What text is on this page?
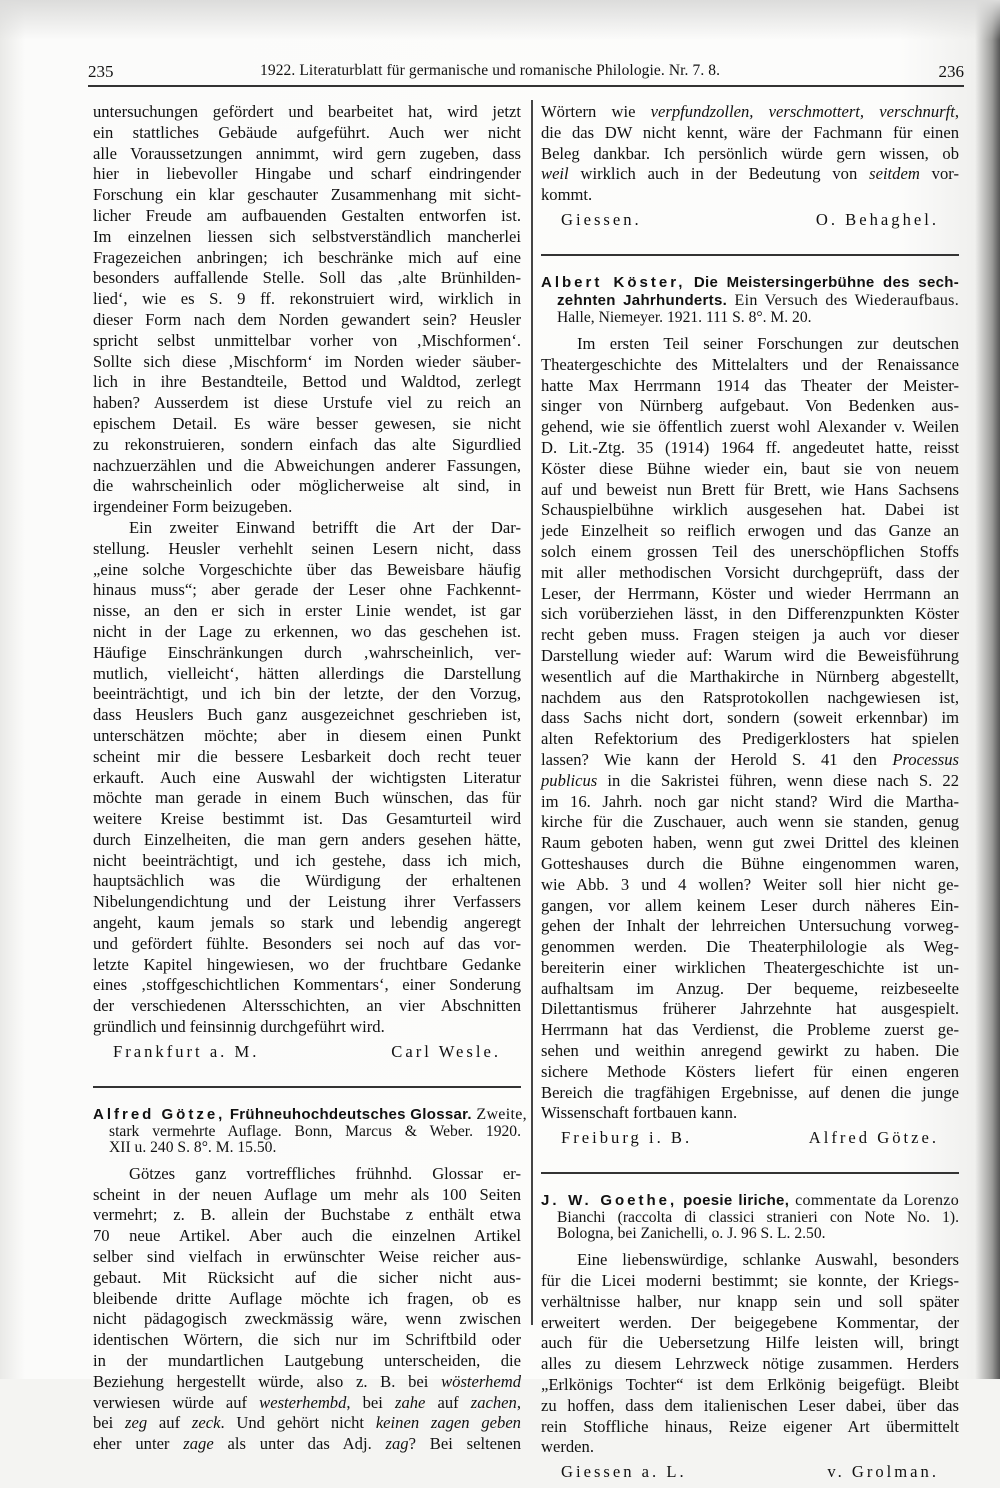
235	1922. Literaturblatt für germanische und romanische Philologie. Nr. 7. 8.	236
untersuchungen gefördert und bearbeitet hat, wird jetzt
ein stattliches Gebäude aufgeführt. Auch wer nicht
alle Voraussetzungen annimmt, wird gern zugeben, dass
hier in liebevoller Hingabe und scharf eindringender
Forschung ein klar geschauter Zusammenhang mit sicht-
licher Freude am aufbauenden Gestalten entworfen ist.
Im einzelnen liessen sich selbstverständlich mancherlei
Fragezeichen anbringen; ich beschränke mich auf eine
besonders auffallende Stelle. Soll das ‚alte Brünhilden-
lied‘, wie es S. 9 ff. rekonstruiert wird, wirklich in
dieser Form nach dem Norden gewandert sein? Heusler
spricht selbst unmittelbar vorher von ‚Mischformen‘.
Sollte sich diese ‚Mischform‘ im Norden wieder säuber-
lich in ihre Bestandteile, Bettod und Waldtod, zerlegt
haben? Ausserdem ist diese Urstufe viel zu reich an
epischem Detail. Es wäre besser gewesen, sie nicht
zu rekonstruieren, sondern einfach das alte Sigurdlied
nachzuerzählen und die Abweichungen anderer Fassungen,
die wahrscheinlich oder möglicherweise alt sind, in
irgendeiner Form beizugeben.
Ein zweiter Einwand betrifft die Art der Dar-
stellung. Heusler verhehlt seinen Lesern nicht, dass
„eine solche Vorgeschichte über das Beweisbare häufig
hinaus muss“; aber gerade der Leser ohne Fachkennt-
nisse, an den er sich in erster Linie wendet, ist gar
nicht in der Lage zu erkennen, wo das geschehen ist.
Häufige Einschränkungen durch ‚wahrscheinlich, ver-
mutlich, vielleicht‘, hätten allerdings die Darstellung
beeinträchtigt, und ich bin der letzte, der den Vorzug,
dass Heuslers Buch ganz ausgezeichnet geschrieben ist,
unterschätzen möchte; aber in diesem einen Punkt
scheint mir die bessere Lesbarkeit doch recht teuer
erkauft. Auch eine Auswahl der wichtigsten Literatur
möchte man gerade in einem Buch wünschen, das für
weitere Kreise bestimmt ist. Das Gesamturteil wird
durch Einzelheiten, die man gern anders gesehen hätte,
nicht beeinträchtigt, und ich gestehe, dass ich mich,
hauptsächlich was die Würdigung der erhaltenen
Nibelungendichtung und der Leistung ihrer Verfassers
angeht, kaum jemals so stark und lebendig angeregt
und gefördert fühlte. Besonders sei noch auf das vor-
letzte Kapitel hingewiesen, wo der fruchtbare Gedanke
eines ‚stoffgeschichtlichen Kommentars‘, einer Sonderung
der verschiedenen Altersschichten, an vier Abschnitten
gründlich und feinsinnig durchgeführt wird.
Frankfurt a. M.	Carl Wesle.
Alfred Götze, Frühneuhochdeutsches Glossar. Zweite,
stark vermehrte Auflage. Bonn, Marcus & Weber. 1920.
XII u. 240 S. 8°. M. 15.50.
Götzes ganz vortreffliches frühnhd. Glossar er-
scheint in der neuen Auflage um mehr als 100 Seiten
vermehrt; z. B. allein der Buchstabe z enthält etwa
70 neue Artikel. Aber auch die einzelnen Artikel
selber sind vielfach in erwünschter Weise reicher aus-
gebaut. Mit Rücksicht auf die sicher nicht aus-
bleibende dritte Auflage möchte ich fragen, ob es
nicht pädagogisch zweckmässig wäre, wenn zwischen
identischen Wörtern, die sich nur im Schriftbild oder
in der mundartlichen Lautgebung unterscheiden, die
Beziehung hergestellt würde, also z. B. bei wösterhemd
verwiesen würde auf westerhembd, bei zahe auf zachen,
bei zeg auf zeck. Und gehört nicht keinen zagen geben
eher unter zage als unter das Adj. zag? Bei seltenen
Wörtern wie verpfundzollen, verschmottert, verschnurft,
die das DW nicht kennt, wäre der Fachmann für einen
Beleg dankbar. Ich persönlich würde gern wissen, ob
weil wirklich auch in der Bedeutung von seitdem vor-
kommt.
Giessen.	O. Behaghel.
Albert Köster, Die Meistersingerbühne des sech-
zehnten Jahrhunderts. Ein Versuch des Wiederaufbaus.
Halle, Niemeyer. 1921. 111 S. 8°. M. 20.
Im ersten Teil seiner Forschungen zur deutschen
Theatergeschichte des Mittelalters und der Renaissance
hatte Max Herrmann 1914 das Theater der Meister-
singer von Nürnberg aufgebaut. Von Bedenken aus-
gehend, wie sie öffentlich zuerst wohl Alexander v. Weilen
D. Lit.-Ztg. 35 (1914) 1964 ff. angedeutet hatte, reisst
Köster diese Bühne wieder ein, baut sie von neuem
auf und beweist nun Brett für Brett, wie Hans Sachsens
Schauspielbühne wirklich ausgesehen hat. Dabei ist
jede Einzelheit so reiflich erwogen und das Ganze an
solch einem grossen Teil des unerschöpflichen Stoffs
mit aller methodischen Vorsicht durchgeprüft, dass der
Leser, der Herrmann, Köster und wieder Herrmann an
sich vorüberziehen lässt, in den Differenzpunkten Köster
recht geben muss. Fragen steigen ja auch vor dieser
Darstellung wieder auf: Warum wird die Beweisführung
wesentlich auf die Marthakirche in Nürnberg abgestellt,
nachdem aus den Ratsprotokollen nachgewiesen ist,
dass Sachs nicht dort, sondern (soweit erkennbar) im
alten Refektorium des Predigerklosters hat spielen
lassen? Wie kann der Herold S. 41 den Processus
publicus in die Sakristei führen, wenn diese nach S. 22
im 16. Jahrh. noch gar nicht stand? Wird die Martha-
kirche für die Zuschauer, auch wenn sie standen, genug
Raum geboten haben, wenn gut zwei Drittel des kleinen
Gotteshauses durch die Bühne eingenommen waren,
wie Abb. 3 und 4 wollen? Weiter soll hier nicht ge-
gangen, vor allem keinem Leser durch näheres Ein-
gehen der Inhalt der lehrreichen Untersuchung vorweg-
genommen werden. Die Theaterphilologie als Weg-
bereiterin einer wirklichen Theatergeschichte ist un-
aufhaltsam im Anzug. Der bequeme, reizbeseelte
Dilettantismus früherer Jahrzehnte hat ausgespielt.
Herrmann hat das Verdienst, die Probleme zuerst ge-
sehen und weithin anregend gewirkt zu haben. Die
sichere Methode Kösters liefert für einen engeren
Bereich die tragfähigen Ergebnisse, auf denen die junge
Wissenschaft fortbauen kann.
Freiburg i. B.	Alfred Götze.
J. W. Goethe, poesie liriche, commentate da Lorenzo
Bianchi (raccolta di classici stranieri con Note No. 1).
Bologna, bei Zanichelli, o. J. 96 S. L. 2.50.
Eine liebenswürdige, schlanke Auswahl, besonders
für die Licei moderni bestimmt; sie konnte, der Kriegs-
verhältnisse halber, nur knapp sein und soll später
erweitert werden. Der beigegebene Kommentar, der
auch für die Uebersetzung Hilfe leisten will, bringt
alles zu diesem Lehrzweck nötige zusammen. Herders
„Erlkönigs Tochter“ ist dem Erlkönig beigefügt. Bleibt
zu hoffen, dass dem italienischen Leser dabei, über das
rein Stoffliche hinaus, Reize eigener Art übermittelt
werden.
Giessen a. L.	v. Grolman.
